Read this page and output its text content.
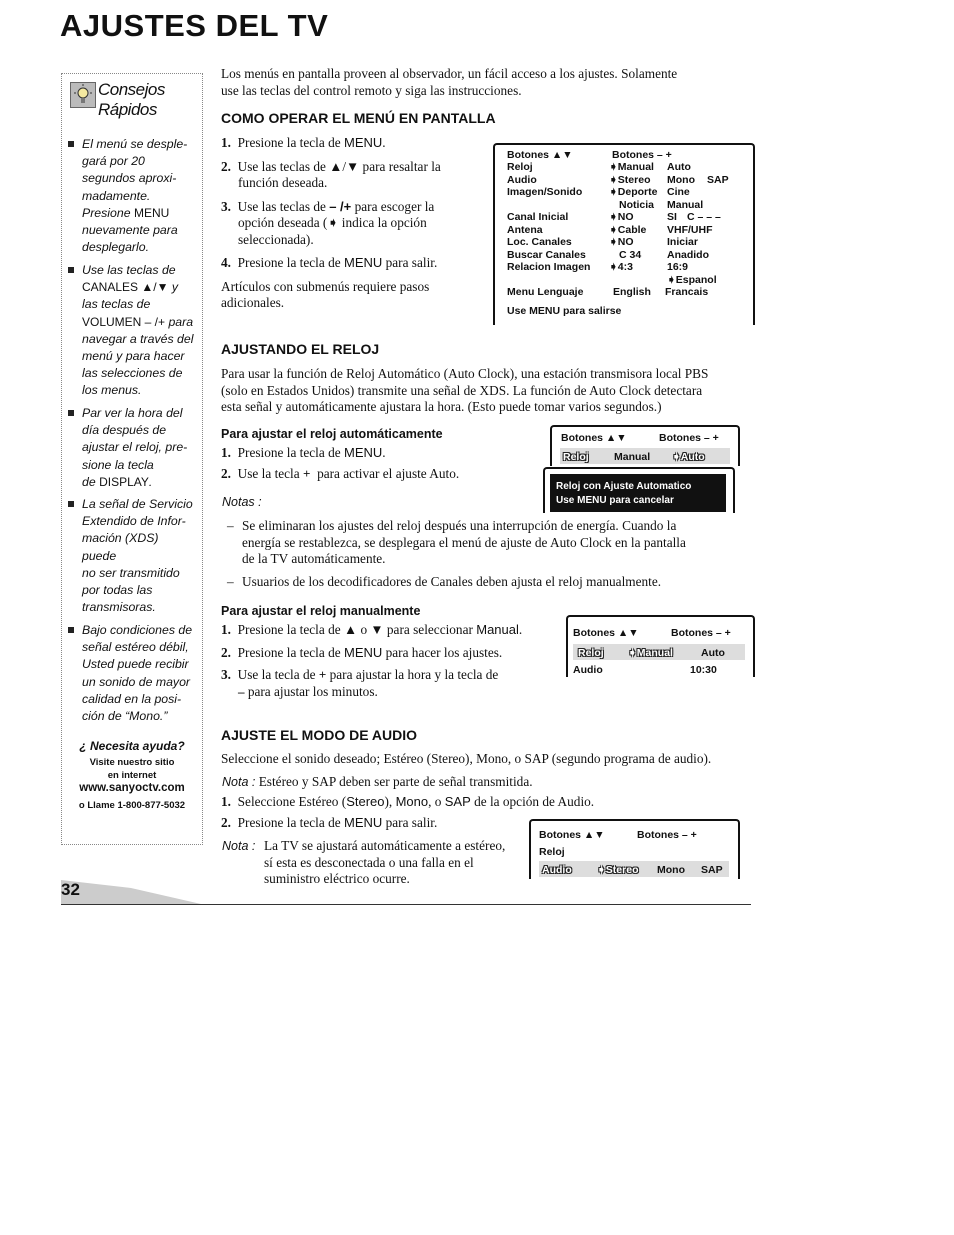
AJUSTES DEL TV
Consejos
Rápidos
El menú se desple-
gará por 20
segundos aproxi-
madamente.
Presione MENU
nuevamente para
desplegarlo.
Use las teclas de
CANALES ▲/▼ y
las teclas de
VOLUMEN – /+ para
navegar a través del
menú y para hacer
las selecciones de
los menus.
Par ver la hora del
día después de
ajustar el reloj, pre-
sione la tecla
de DISPLAY.
La señal de Servicio
Extendido de Infor-
mación (XDS)
puede
no ser transmitido
por todas las
transmisoras.
Bajo condiciones de
señal estéreo débil,
Usted puede recibir
un sonido de mayor
calidad en la posi-
ción de “Mono.”
¿ Necesita ayuda?
Visite nuestro sitio
en internet
www.sanyoctv.com
o Llame 1-800-877-5032
32
Los menús en pantalla proveen al observador, un fácil acceso a los ajustes. Solamente
use las teclas del control remoto y siga las instrucciones.
COMO OPERAR EL MENÚ EN PANTALLA
1. Presione la tecla de MENU.
2. Use las teclas de ▲/▼ para resaltar la
función deseada.
3. Use las teclas de – /+ para escoger la
opción deseada (➧ indica la opción
seleccionada).
4. Presione la tecla de MENU para salir.
Artículos con submenús requiere pasos
adicionales.
Botones ▲▼	Botones – +
Reloj	➧Manual Auto
Audio	➧Stereo Mono SAP
Imagen/Sonido	➧Deporte Cine
Noticia Manual
Canal Inicial	➧NO	SI C – – –
Antena	➧Cable VHF/UHF
Loc. Canales	➧NO	Iniciar
Buscar Canales	C 34 Anadido
Relacion Imagen ➧4:3	16:9
➧Espanol
Menu Lenguaje	English Francais
Use MENU para salirse
AJUSTANDO EL RELOJ
Para usar la función de Reloj Automático (Auto Clock), una estación transmisora local PBS
(solo en Estados Unidos) transmite una señal de XDS. La función de Auto Clock detectara
esta señal y automáticamente ajustara la hora. (Esto puede tomar varios segundos.)
Para ajustar el reloj automáticamente
1. Presione la tecla de MENU.
2. Use la tecla + para activar el ajuste Auto.
Notas :
– Se eliminaran los ajustes del reloj después una interrupción de energía. Cuando la
energía se restablezca, se desplegara el menú de ajuste de Auto Clock en la pantalla
de la TV automáticamente.
– Usuarios de los decodificadores de Canales deben ajusta el reloj manualmente.
Botones ▲▼	Botones – +
Reloj Manual ➧Auto
Reloj con Ajuste Automatico
Use MENU para cancelar
Para ajustar el reloj manualmente
1. Presione la tecla de ▲ o ▼ para seleccionar Manual.
2. Presione la tecla de MENU para hacer los ajustes.
3. Use la tecla de + para ajustar la hora y la tecla de
– para ajustar los minutos.
Botones ▲▼	Botones – +
Reloj ➧Manual	Auto
Audio	10:30
AJUSTE EL MODO DE AUDIO
Seleccione el sonido deseado; Estéreo (Stereo), Mono, o SAP (segundo programa de audio).
Nota : Estéreo y SAP deben ser parte de señal transmitida.
1. Seleccione Estéreo (Stereo), Mono, o SAP de la opción de Audio.
2. Presione la tecla de MENU para salir.
Nota : La TV se ajustará automáticamente a estéreo,
sí esta es desconectada o una falla en el
suministro eléctrico ocurre.
Botones ▲▼	Botones – +
Reloj
Audio ➧Stereo Mono SAP
